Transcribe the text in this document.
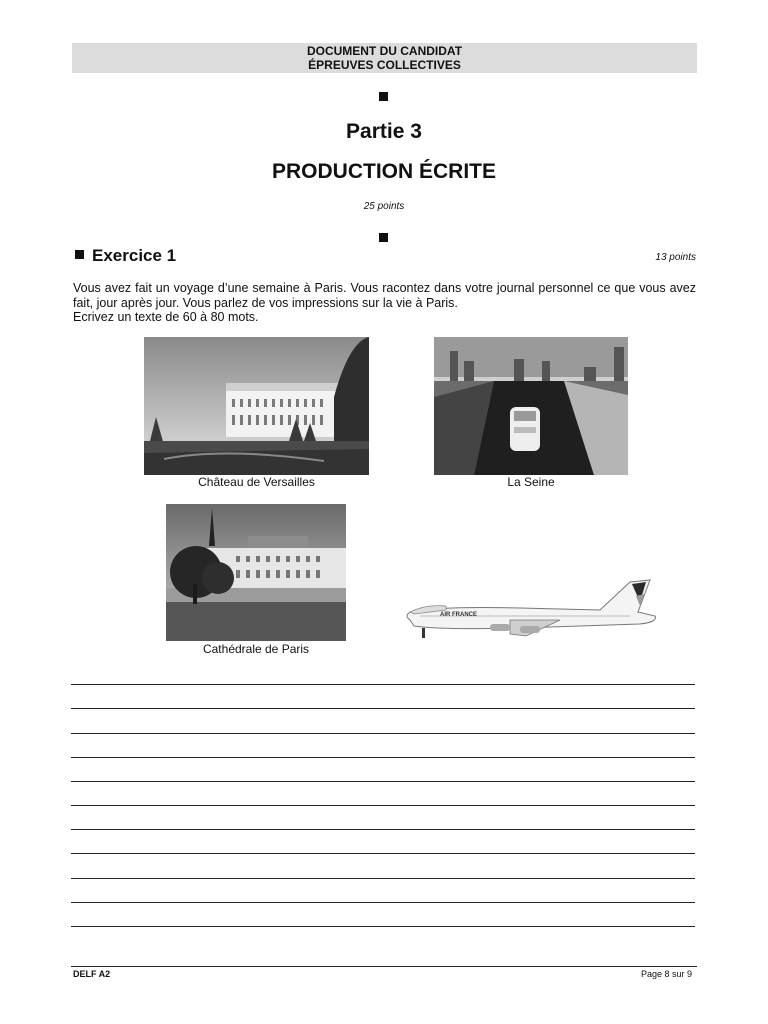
DOCUMENT DU CANDIDAT
ÉPREUVES COLLECTIVES
Partie 3
PRODUCTION ÉCRITE
25 points
Exercice 1	13 points
Vous avez fait un voyage d’une semaine à Paris. Vous racontez dans votre journal personnel ce que vous avez fait, jour après jour. Vous parlez de vos impressions sur la vie à Paris.
Ecrivez un texte de 60 à 80 mots.
Château de Versailles	La Seine
Cathédrale de Paris
AIR FRANCE
DELF A2	Page 8 sur 9
